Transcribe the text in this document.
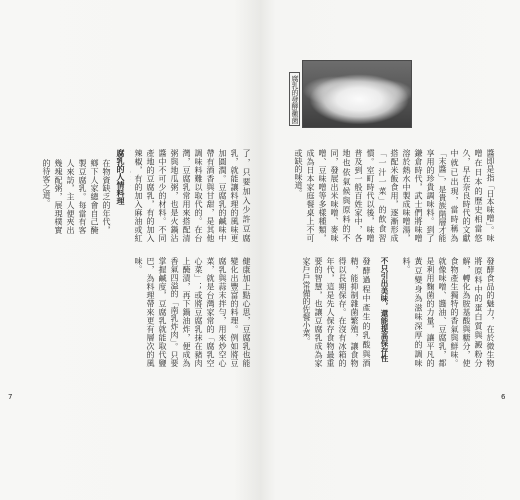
了，只要加入少許豆腐乳，就能讓料理的風味更加圓潤。豆腐乳的鹹味中帶有酒香與甘甜，是其他調味料難以取代的。在台灣，豆腐乳常用來搭配清粥與地瓜粥，也是火鍋沾醬中不可少的材料。不同產地的豆腐乳，有的加入辣椒，有的加入麻油或紅

腐乳的人情料理

在物資缺乏的年代，鄉下人家總會自己醃製豆腐乳。每當有客人來訪，主人便夾出幾塊配粥，展現樸實的待客之道。

健康加上點心思，豆腐乳也能變化出豐富的料理。例如將豆腐乳與蒜末拌勻，用來炒空心菜，就是台灣家常的「腐乳空心菜」；或將豆腐乳抹在豬肉上醃漬，再下鍋油炸，便成為香氣四溢的「南乳炸肉」。只要掌握鹹度，豆腐乳就能取代鹽巴，為料理帶來更有層次的風味。

7
腐乳的發酵黴菌

醬即是指「日本味噌」。味噌在日本的歷史相當悠久，早在奈良時代的文獻中就已出現，當時稱為「末醬」，是貴族階層才能享用的珍貴調味料。到了鎌倉時代，武士們將味噌溶於熱水中製成味噌湯，搭配米飯食用，逐漸形成「一汁一菜」的飲食習慣。室町時代以後，味噌普及到一般百姓家中，各地也依氣候與原料的不同，發展出米味噌、麥味噌、豆味噌等多樣種類，成為日本家庭餐桌上不可或缺的味道。

發酵食品的魅力，在於微生物將原料中的蛋白質與澱粉分解，轉化為胺基酸與糖分，使食物產生獨特的香氣與鮮味。就像味噌、醬油、豆腐乳，都是利用麴菌的力量，讓平凡的黃豆變身為滋味深厚的調味料。

不只引出美味，還能提高保存性

發酵過程中產生的乳酸與酒精，能抑制雜菌繁殖，讓食物得以長期保存。在沒有冰箱的年代，這是先人保存食物最重要的智慧，也讓豆腐乳成為家家戶戶常備的佐餐小菜。

6
